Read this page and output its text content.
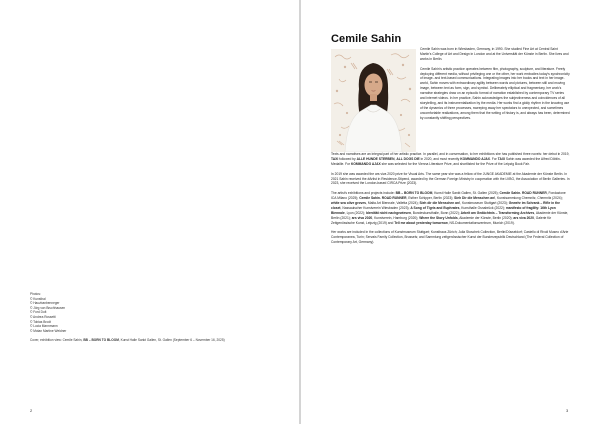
Photos:
© Kunsthal
© Hauzbanbenneger
© Jörg von Bruchhausen
© Ford Dolt
© Andrea Rossetti
© Tobias Brodt
© Lucia Mannmann
© Motan Martine Weldner
Cover, exhibition view: Cemile Sahin, BB – BORN TO BLOOM, Kunst Halle Sankt Gallen, St. Gallen (September 6 – November 16, 2025)
2
Cemile Sahin

Cemile Sahin was born in Wiesbaden, Germany, in 1990. She studied Fine Art at Central Saint Martin's College of Art and Design in London and at the Universität der Künste in Berlin. She lives and works in Berlin.

Cemile Sahin's artistic practice operates between film, photography, sculpture, and literature. Freely deploying different media, without privileging one or the other, her work embodies today's synchronicity of image- and text-based communications. Integrating images into her books and text in her image-world, Sahin moves with extraordinary agility between words and pictures, between still and moving image, between text as form, sign, and symbol. Deliberately elliptical and fragmentary, her work's narrative strategies draw on an episodic format of narration established by contemporary TV series and internet videos. In her practice, Sahin acknowledges the subjectiveness and coincidences of all storytelling, and its instrumentalization by the media. Her works find a giddy rhythm in the knowing use of the dynamics of three processes, sweeping away her spectators to unexpected, and sometimes uncomfortable realizations, among them that the writing of history is, and always has been, determined by constantly shifting perspectives.

Texts and narratives are an integral part of her artistic practice. In parallel, and in conversation, to her exhibitions she has published three novels: her debut in 2019, TAXI followed by ALLE HUNDE STERBEN, ALL DOGS DIE in 2020, and most recently KOMMANDO AJAX. For TAXI Sahin was awarded the Alfred Döblin-Medaille. For KOMMANDO AJAX she was selected for the Vienna Literature Prize, and shortlisted for the Prize of the Leipzig Book Fair.

In 2019 she was awarded the ars viva 2020 prize for Visual Arts. The same year she was a fellow of the JUNGE AKADEMIE at the Akademie der Künste Berlin. In 2021 Sahin received the #Artist in Residence-Stipend, awarded by the German Foreign Ministry in cooperation with the LVBG, the Association of Berlin Galleries. In 2023, she received the London-based CIRCA Prize (2023).

The artist's exhibitions and projects include: BB – BORN TO BLOOM, Kunst Halle Sankt Gallen, St. Gallen (2025); Cemile Sahin. ROAD RUNNER, Fondazione ICA Milano (2025); Cemile Sahin. ROAD RUNNER, Esther Schipper, Berlin (2023); Sieh Dir die Menschen an!, Kunstsammlung Chemnitz, Chemnitz (2024); white sea olive groves, Malta Art Biennale, Valletta (2024); Sieh dir die Menschen an!, Kunstmuseum Stuttgart (2023); Gewehr im Schrank – Rifle in the closet, Nassauischer Kunstverein Wiesbaden (2023); A Song of Tigris and Euphrates, Kunsthalle Osnabrück (2022); manifesto of fragility: 16th Lyon Biennale, Lyon (2022); Identität nicht nachgewiesen, Bundeskunsthalle, Bonn (2022); Arbeit am Gedächtnis – Transforming Archives, Akademie der Künste, Berlin (2021); ars viva 2020, Kunstverein, Hamburg (2020); Where the Story Unfolds, Akademie der Künste, Berlin (2020); ars viva 2020, Galerie für Zeitgenössische Kunst, Leipzig (2019) and Tell me about yesterday tomorrow, NS-Dokumentationszentrum, Munich (2019).

Her works are included in the collections of Kunstmuseum Stuttgart; Kunsthaus Zürich; Julia Stoschek Collection, Berlin/Düsseldorf; Castello di Rivoli Museo d'Arte Contemporanea, Turin; Servais Family Collection, Brussels; and Sammlung zeitgenössischer Kunst der Bundesrepublik Deutschland (The Federal Collection of Contemporary Art, Germany).

3
